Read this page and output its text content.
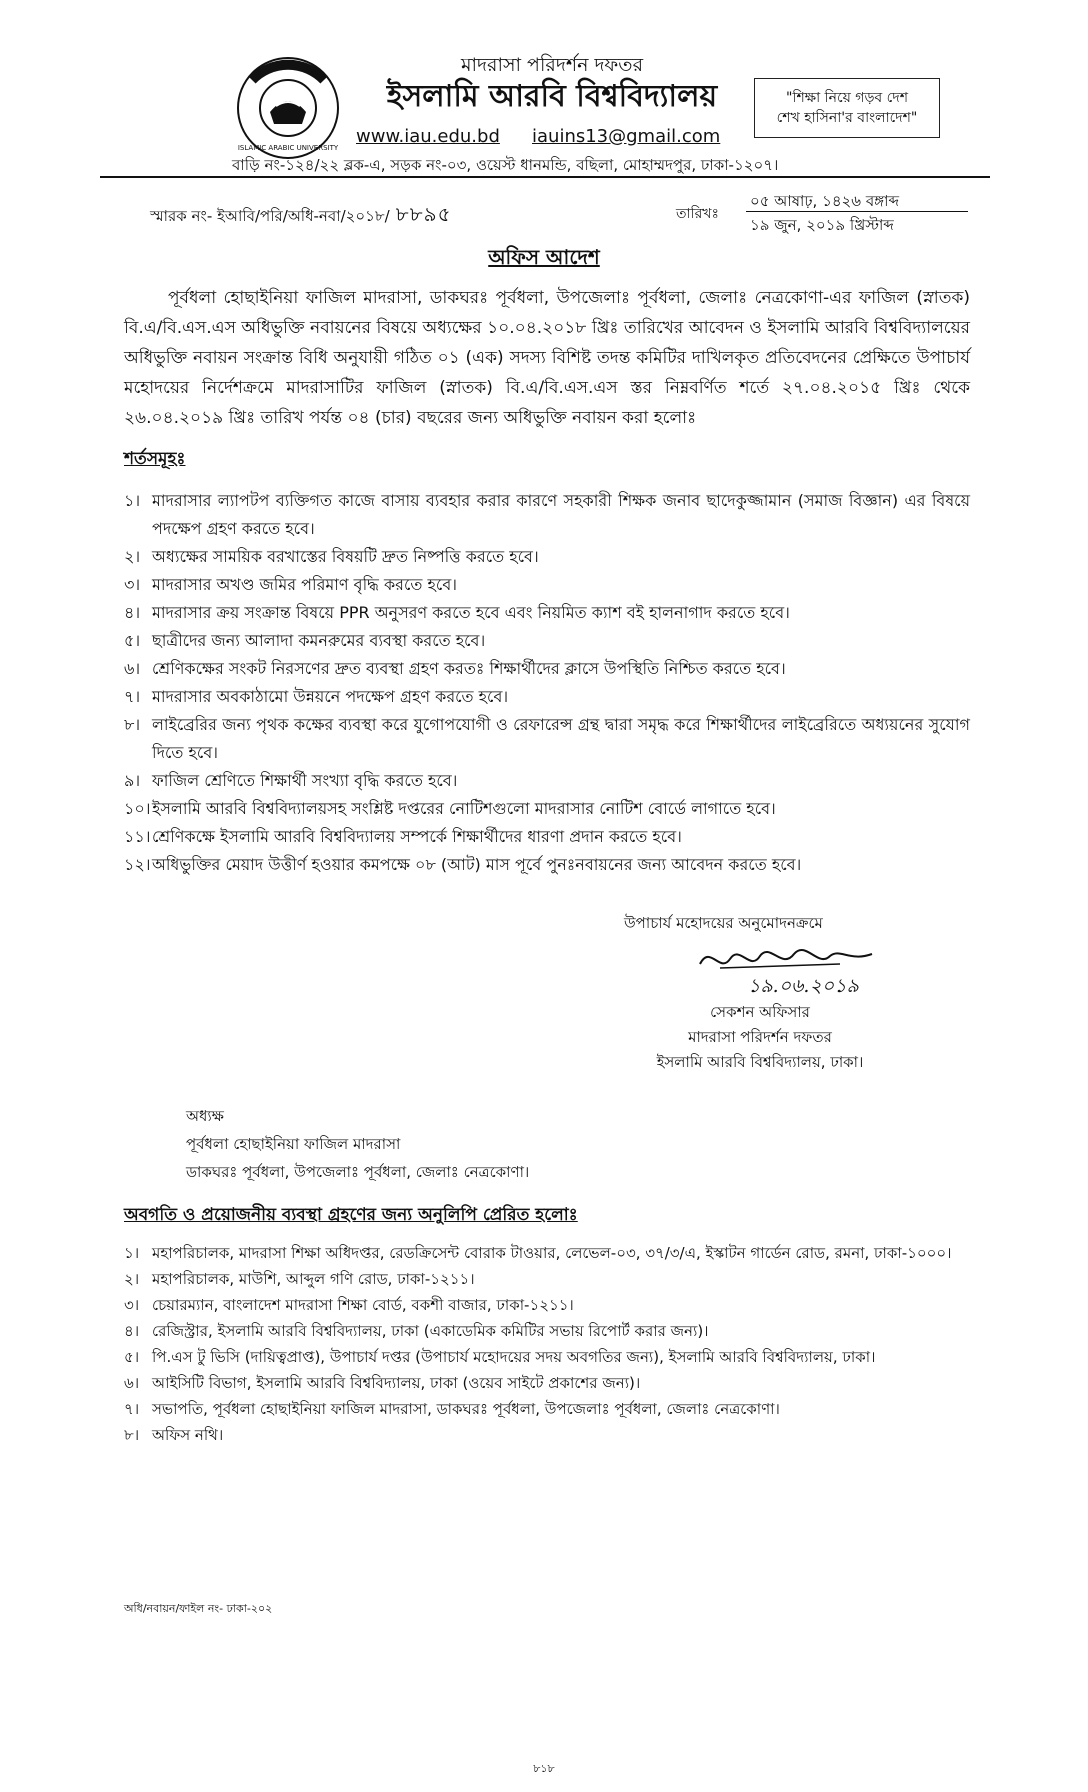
ISLAMIC ARABIC UNIVERSITY
মাদরাসা পরিদর্শন দফতর
ইসলামি আরবি বিশ্ববিদ্যালয়
www.iau.edu.bd iauins13@gmail.com
"শিক্ষা নিয়ে গড়ব দেশ
শেখ হাসিনা'র বাংলাদেশ"
বাড়ি নং-১২৪/২২ ব্লক-এ, সড়ক নং-০৩, ওয়েস্ট ধানমন্ডি, বছিলা, মোহাম্মদপুর, ঢাকা-১২০৭।
স্মারক নং- ইআবি/পরি/অধি-নবা/২০১৮/ ৮৮৯৫	তারিখঃ
০৫ আষাঢ়, ১৪২৬ বঙ্গাব্দ
১৯ জুন, ২০১৯ খ্রিস্টাব্দ
অফিস আদেশ
পূর্বধলা হোছাইনিয়া ফাজিল মাদরাসা, ডাকঘরঃ পূর্বধলা, উপজেলাঃ পূর্বধলা, জেলাঃ নেত্রকোণা-এর ফাজিল (স্নাতক) বি.এ/বি.এস.এস অধিভুক্তি নবায়নের বিষয়ে অধ্যক্ষের ১০.০৪.২০১৮ খ্রিঃ তারিখের আবেদন ও ইসলামি আরবি বিশ্ববিদ্যালয়ের অধিভুক্তি নবায়ন সংক্রান্ত বিধি অনুযায়ী গঠিত ০১ (এক) সদস্য বিশিষ্ট তদন্ত কমিটির দাখিলকৃত প্রতিবেদনের প্রেক্ষিতে উপাচার্য মহোদয়ের নির্দেশক্রমে মাদরাসাটির ফাজিল (স্নাতক) বি.এ/বি.এস.এস স্তর নিম্নবর্ণিত শর্তে ২৭.০৪.২০১৫ খ্রিঃ থেকে ২৬.০৪.২০১৯ খ্রিঃ তারিখ পর্যন্ত ০৪ (চার) বছরের জন্য অধিভুক্তি নবায়ন করা হলোঃ
শর্তসমূহঃ
১। মাদরাসার ল্যাপটপ ব্যক্তিগত কাজে বাসায় ব্যবহার করার কারণে সহকারী শিক্ষক জনাব ছাদেকুজ্জামান (সমাজ বিজ্ঞান) এর বিষয়ে পদক্ষেপ গ্রহণ করতে হবে।
২। অধ্যক্ষের সাময়িক বরখাস্তের বিষয়টি দ্রুত নিষ্পত্তি করতে হবে।
৩। মাদরাসার অখণ্ড জমির পরিমাণ বৃদ্ধি করতে হবে।
৪। মাদরাসার ক্রয় সংক্রান্ত বিষয়ে PPR অনুসরণ করতে হবে এবং নিয়মিত ক্যাশ বই হালনাগাদ করতে হবে।
৫। ছাত্রীদের জন্য আলাদা কমনরুমের ব্যবস্থা করতে হবে।
৬। শ্রেণিকক্ষের সংকট নিরসণের দ্রুত ব্যবস্থা গ্রহণ করতঃ শিক্ষার্থীদের ক্লাসে উপস্থিতি নিশ্চিত করতে হবে।
৭। মাদরাসার অবকাঠামো উন্নয়নে পদক্ষেপ গ্রহণ করতে হবে।
৮। লাইব্রেরির জন্য পৃথক কক্ষের ব্যবস্থা করে যুগোপযোগী ও রেফারেন্স গ্রন্থ দ্বারা সমৃদ্ধ করে শিক্ষার্থীদের লাইব্রেরিতে অধ্যয়নের সুযোগ দিতে হবে।
৯। ফাজিল শ্রেণিতে শিক্ষার্থী সংখ্যা বৃদ্ধি করতে হবে।
১০। ইসলামি আরবি বিশ্ববিদ্যালয়সহ সংশ্লিষ্ট দপ্তরের নোটিশগুলো মাদরাসার নোটিশ বোর্ডে লাগাতে হবে।
১১। শ্রেণিকক্ষে ইসলামি আরবি বিশ্ববিদ্যালয় সম্পর্কে শিক্ষার্থীদের ধারণা প্রদান করতে হবে।
১২। অধিভুক্তির মেয়াদ উত্তীর্ণ হওয়ার কমপক্ষে ০৮ (আট) মাস পূর্বে পুনঃনবায়নের জন্য আবেদন করতে হবে।
উপাচার্য মহোদয়ের অনুমোদনক্রমে
১৯.০৬.২০১৯
সেকশন অফিসার
মাদরাসা পরিদর্শন দফতর
ইসলামি আরবি বিশ্ববিদ্যালয়, ঢাকা।
অধ্যক্ষ
পূর্বধলা হোছাইনিয়া ফাজিল মাদরাসা
ডাকঘরঃ পূর্বধলা, উপজেলাঃ পূর্বধলা, জেলাঃ নেত্রকোণা।
অবগতি ও প্রয়োজনীয় ব্যবস্থা গ্রহণের জন্য অনুলিপি প্রেরিত হলোঃ
১। মহাপরিচালক, মাদরাসা শিক্ষা অধিদপ্তর, রেডক্রিসেন্ট বোরাক টাওয়ার, লেভেল-০৩, ৩৭/৩/এ, ইস্কাটন গার্ডেন রোড, রমনা, ঢাকা-১০০০।
২। মহাপরিচালক, মাউশি, আব্দুল গণি রোড, ঢাকা-১২১১।
৩। চেয়ারম্যান, বাংলাদেশ মাদরাসা শিক্ষা বোর্ড, বকশী বাজার, ঢাকা-১২১১।
৪। রেজিস্ট্রার, ইসলামি আরবি বিশ্ববিদ্যালয়, ঢাকা (একাডেমিক কমিটির সভায় রিপোর্ট করার জন্য)।
৫। পি.এস টু ভিসি (দায়িত্বপ্রাপ্ত), উপাচার্য দপ্তর (উপাচার্য মহোদয়ের সদয় অবগতির জন্য), ইসলামি আরবি বিশ্ববিদ্যালয়, ঢাকা।
৬। আইসিটি বিভাগ, ইসলামি আরবি বিশ্ববিদ্যালয়, ঢাকা (ওয়েব সাইটে প্রকাশের জন্য)।
৭। সভাপতি, পূর্বধলা হোছাইনিয়া ফাজিল মাদরাসা, ডাকঘরঃ পূর্বধলা, উপজেলাঃ পূর্বধলা, জেলাঃ নেত্রকোণা।
৮। অফিস নথি।
অধি/নবায়ন/ফাইল নং- ঢাকা-২০২
৮১৮
